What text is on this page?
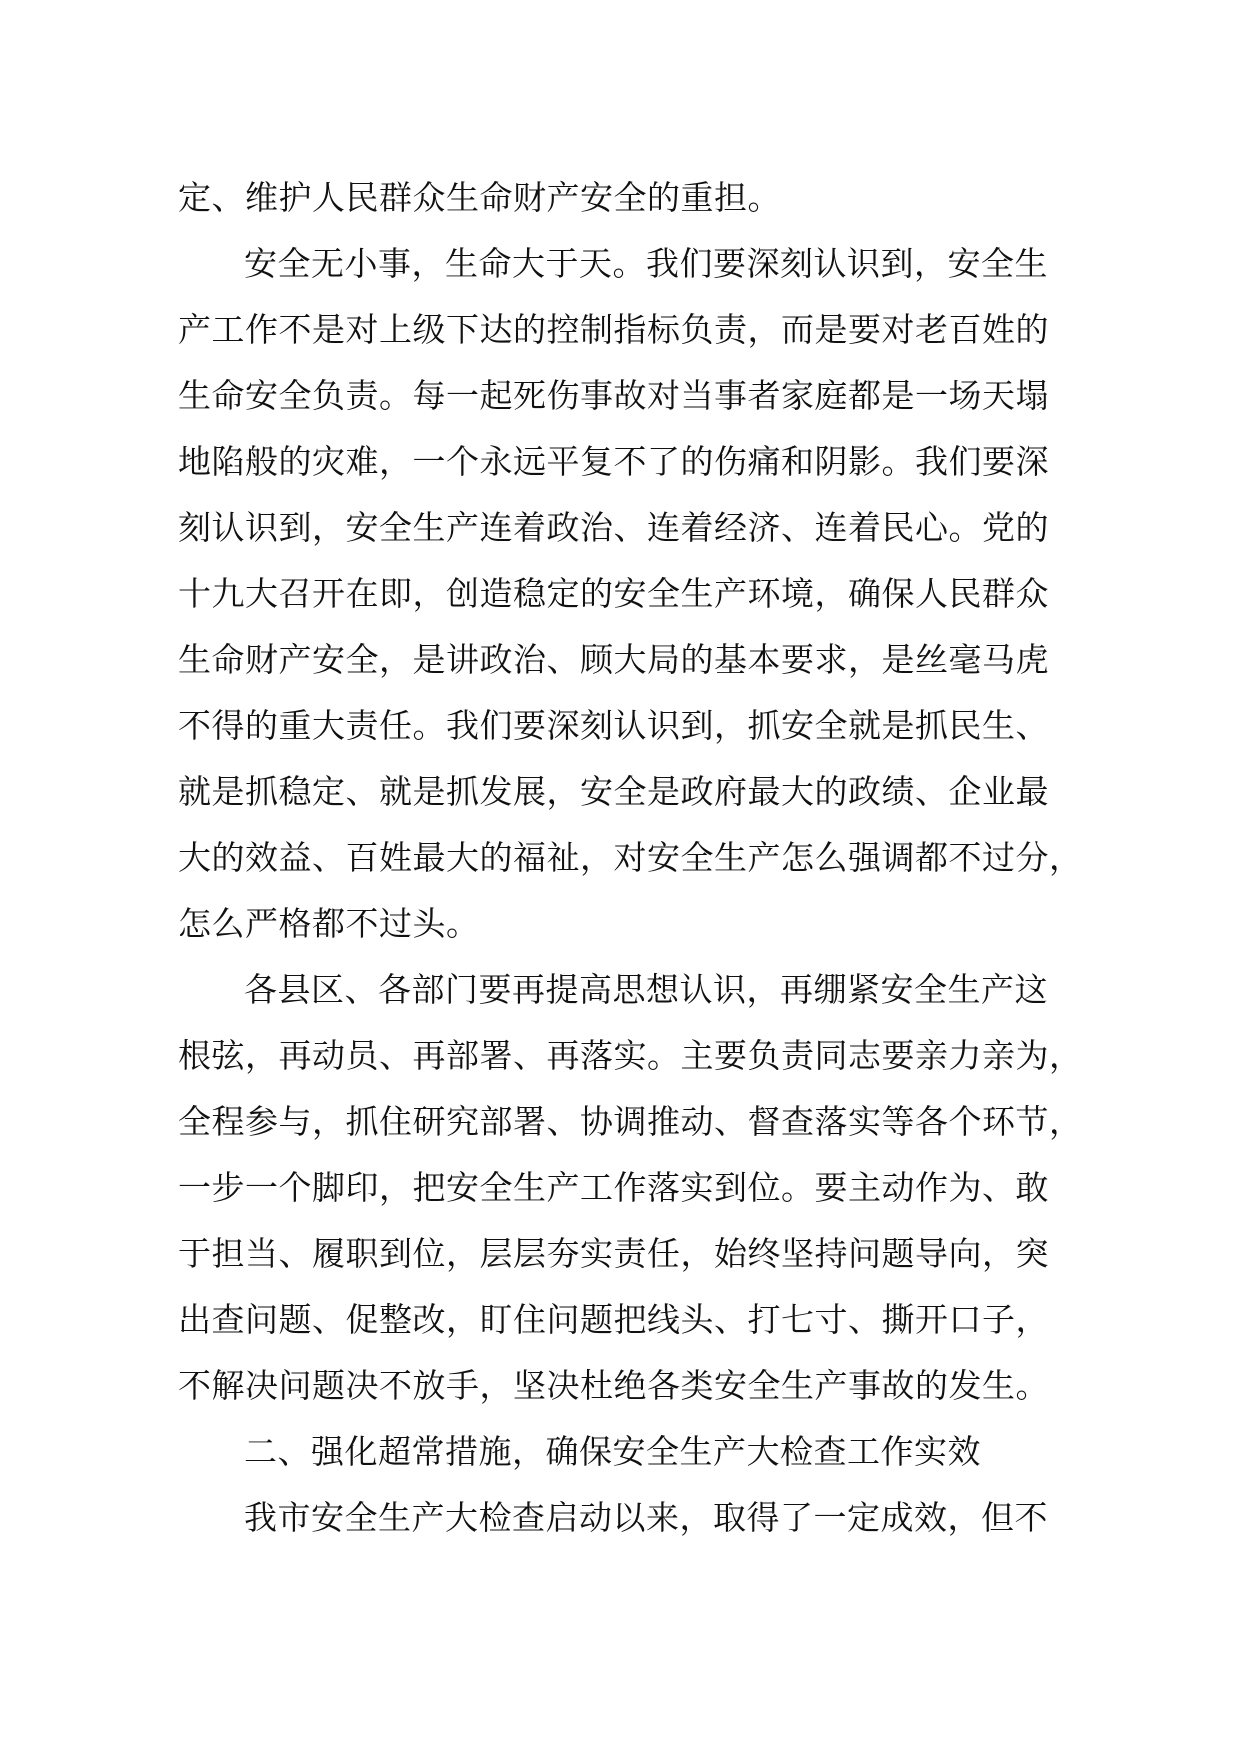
定、维护人民群众生命财产安全的重担。
安全无小事，生命大于天。我们要深刻认识到，安全生
产工作不是对上级下达的控制指标负责，而是要对老百姓的
生命安全负责。每一起死伤事故对当事者家庭都是一场天塌
地陷般的灾难，一个永远平复不了的伤痛和阴影。我们要深
刻认识到，安全生产连着政治、连着经济、连着民心。党的
十九大召开在即，创造稳定的安全生产环境，确保人民群众
生命财产安全，是讲政治、顾大局的基本要求，是丝毫马虎
不得的重大责任。我们要深刻认识到，抓安全就是抓民生、
就是抓稳定、就是抓发展，安全是政府最大的政绩、企业最
大的效益、百姓最大的福祉，对安全生产怎么强调都不过分，
怎么严格都不过头。
各县区、各部门要再提高思想认识，再绷紧安全生产这
根弦，再动员、再部署、再落实。主要负责同志要亲力亲为，
全程参与，抓住研究部署、协调推动、督查落实等各个环节，
一步一个脚印，把安全生产工作落实到位。要主动作为、敢
于担当、履职到位，层层夯实责任，始终坚持问题导向，突
出查问题、促整改，盯住问题把线头、打七寸、撕开口子，
不解决问题决不放手，坚决杜绝各类安全生产事故的发生。
二、强化超常措施，确保安全生产大检查工作实效
我市安全生产大检查启动以来，取得了一定成效，但不
